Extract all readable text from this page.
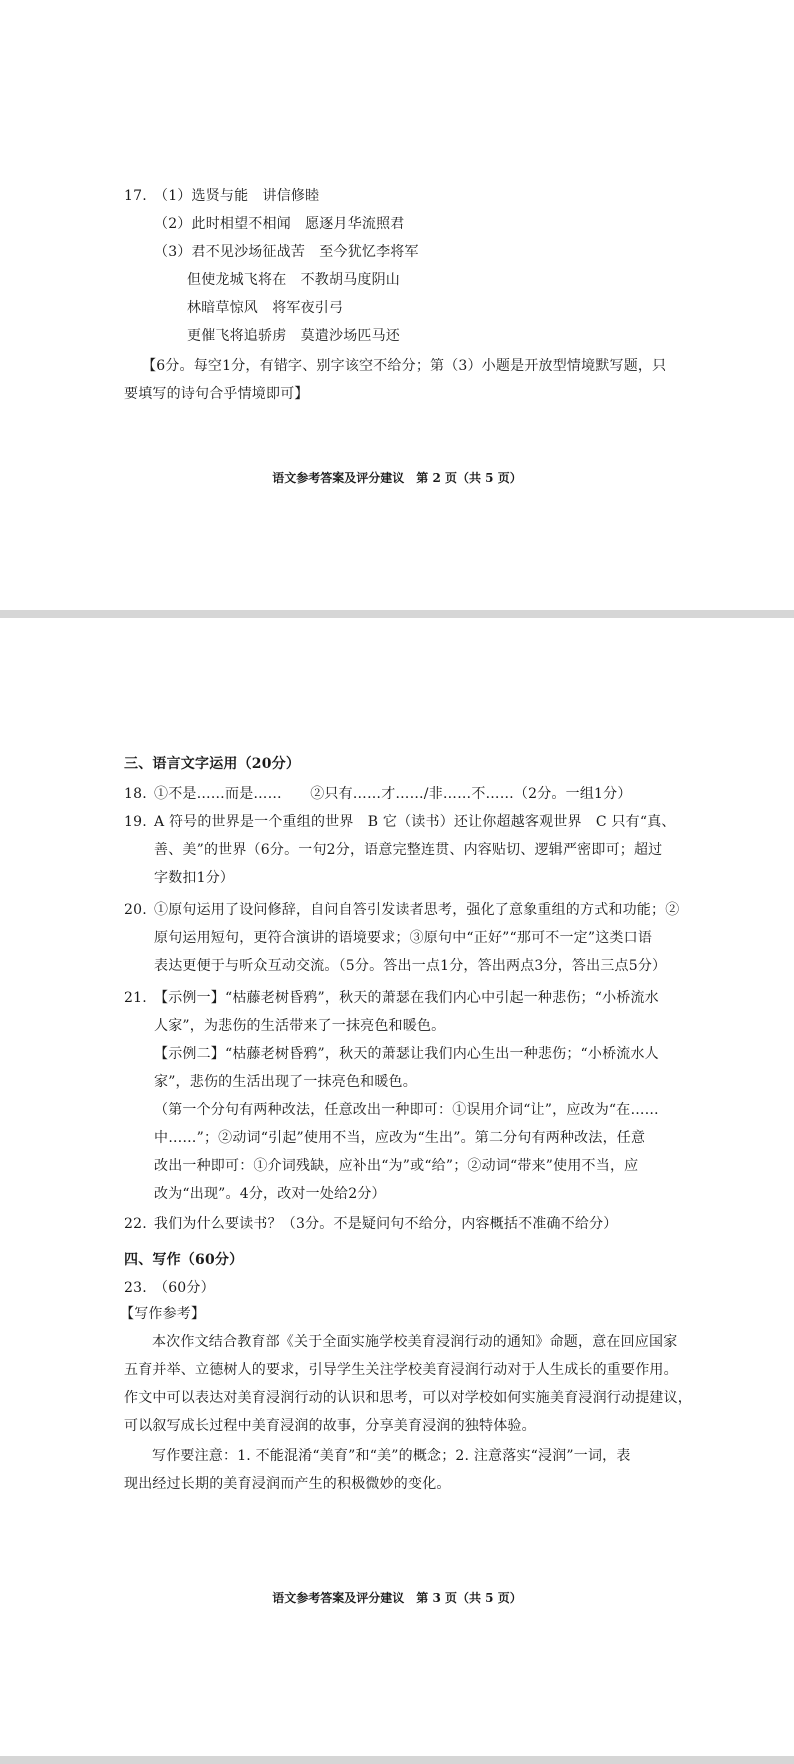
17. （1）选贤与能　讲信修睦
（2）此时相望不相闻　愿逐月华流照君
（3）君不见沙场征战苦　至今犹忆李将军
但使龙城飞将在　不教胡马度阴山
林暗草惊风　将军夜引弓
更催飞将追骄虏　莫遣沙场匹马还
【6分。每空1分，有错字、别字该空不给分；第（3）小题是开放型情境默写题，只
要填写的诗句合乎情境即可】
语文参考答案及评分建议　第 2 页（共 5 页）
三、语言文字运用（20分）
18. ①不是……而是……　　②只有……才……/非……不……（2分。一组1分）
19. A 符号的世界是一个重组的世界　B 它（读书）还让你超越客观世界　C 只有“真、
善、美”的世界（6分。一句2分，语意完整连贯、内容贴切、逻辑严密即可；超过
字数扣1分）
20. ①原句运用了设问修辞，自问自答引发读者思考，强化了意象重组的方式和功能；②
原句运用短句，更符合演讲的语境要求；③原句中“正好”“那可不一定”这类口语
表达更便于与听众互动交流。（5分。答出一点1分，答出两点3分，答出三点5分）
21. 【示例一】“枯藤老树昏鸦”，秋天的萧瑟在我们内心中引起一种悲伤；“小桥流水
人家”，为悲伤的生活带来了一抹亮色和暖色。
【示例二】“枯藤老树昏鸦”，秋天的萧瑟让我们内心生出一种悲伤；“小桥流水人
家”，悲伤的生活出现了一抹亮色和暖色。
（第一个分句有两种改法，任意改出一种即可：①误用介词“让”，应改为“在……
中……”；②动词“引起”使用不当，应改为“生出”。第二分句有两种改法，任意
改出一种即可：①介词残缺，应补出“为”或“给”；②动词“带来”使用不当，应
改为“出现”。4分，改对一处给2分）
22. 我们为什么要读书？（3分。不是疑问句不给分，内容概括不准确不给分）
四、写作（60分）
23. （60分）
【写作参考】
本次作文结合教育部《关于全面实施学校美育浸润行动的通知》命题，意在回应国家
五育并举、立德树人的要求，引导学生关注学校美育浸润行动对于人生成长的重要作用。
作文中可以表达对美育浸润行动的认识和思考，可以对学校如何实施美育浸润行动提建议，
可以叙写成长过程中美育浸润的故事，分享美育浸润的独特体验。
写作要注意：1. 不能混淆“美育”和“美”的概念；2. 注意落实“浸润”一词，表
现出经过长期的美育浸润而产生的积极微妙的变化。
语文参考答案及评分建议　第 3 页（共 5 页）
